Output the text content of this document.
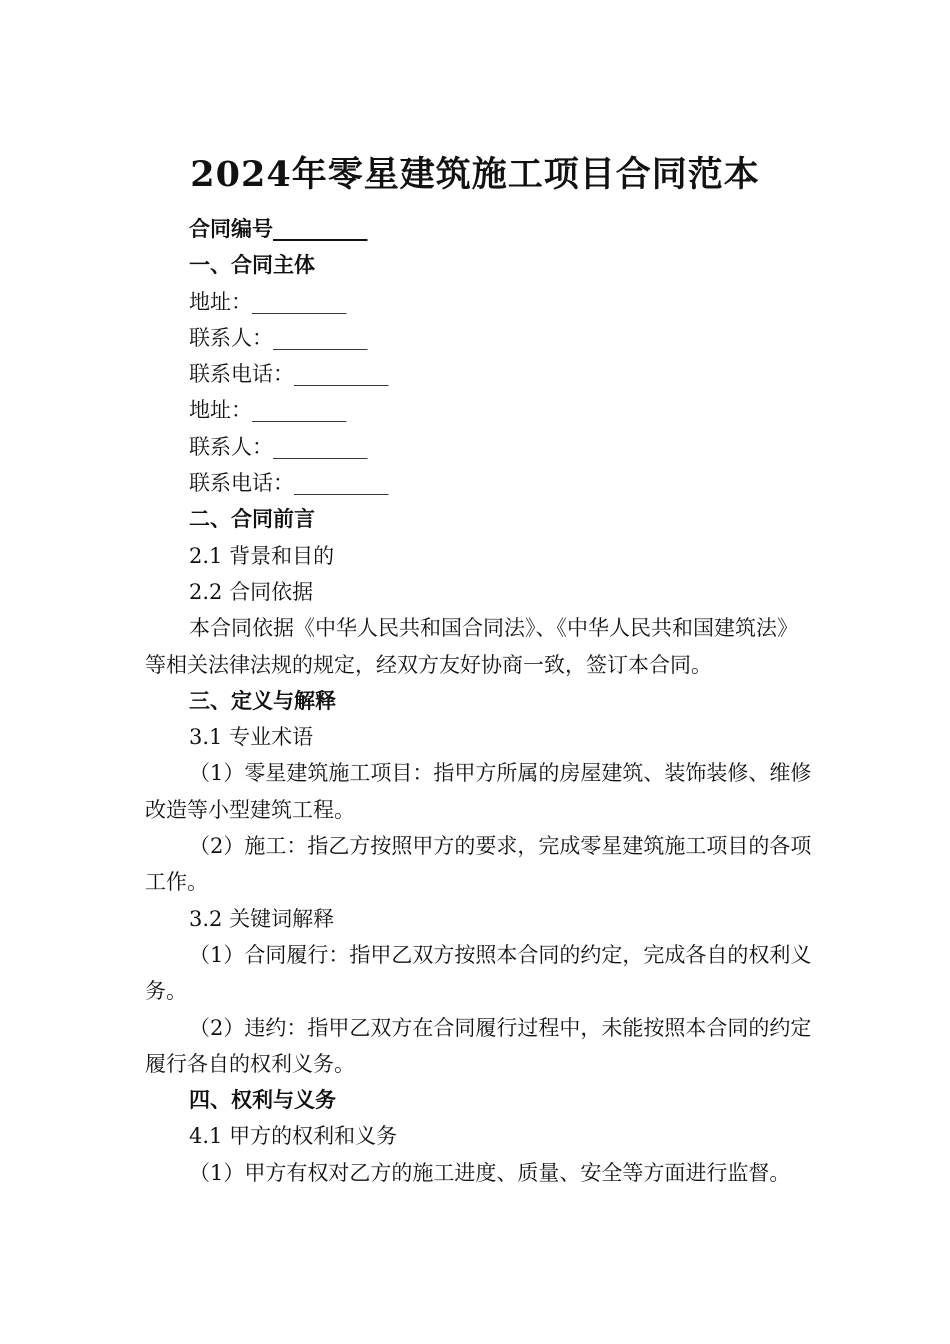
2024年零星建筑施工项目合同范本

合同编号_________

一、合同主体

地址：_________

联系人：_________

联系电话：_________

地址：_________

联系人：_________

联系电话：_________

二、合同前言

2.1 背景和目的

2.2 合同依据

本合同依据《中华人民共和国合同法》、《中华人民共和国建筑法》等相关法律法规的规定，经双方友好协商一致，签订本合同。

三、定义与解释

3.1 专业术语

（1）零星建筑施工项目：指甲方所属的房屋建筑、装饰装修、维修改造等小型建筑工程。

（2）施工：指乙方按照甲方的要求，完成零星建筑施工项目的各项工作。

3.2 关键词解释

（1）合同履行：指甲乙双方按照本合同的约定，完成各自的权利义务。

（2）违约：指甲乙双方在合同履行过程中，未能按照本合同的约定履行各自的权利义务。

四、权利与义务

4.1 甲方的权利和义务

（1）甲方有权对乙方的施工进度、质量、安全等方面进行监督。
